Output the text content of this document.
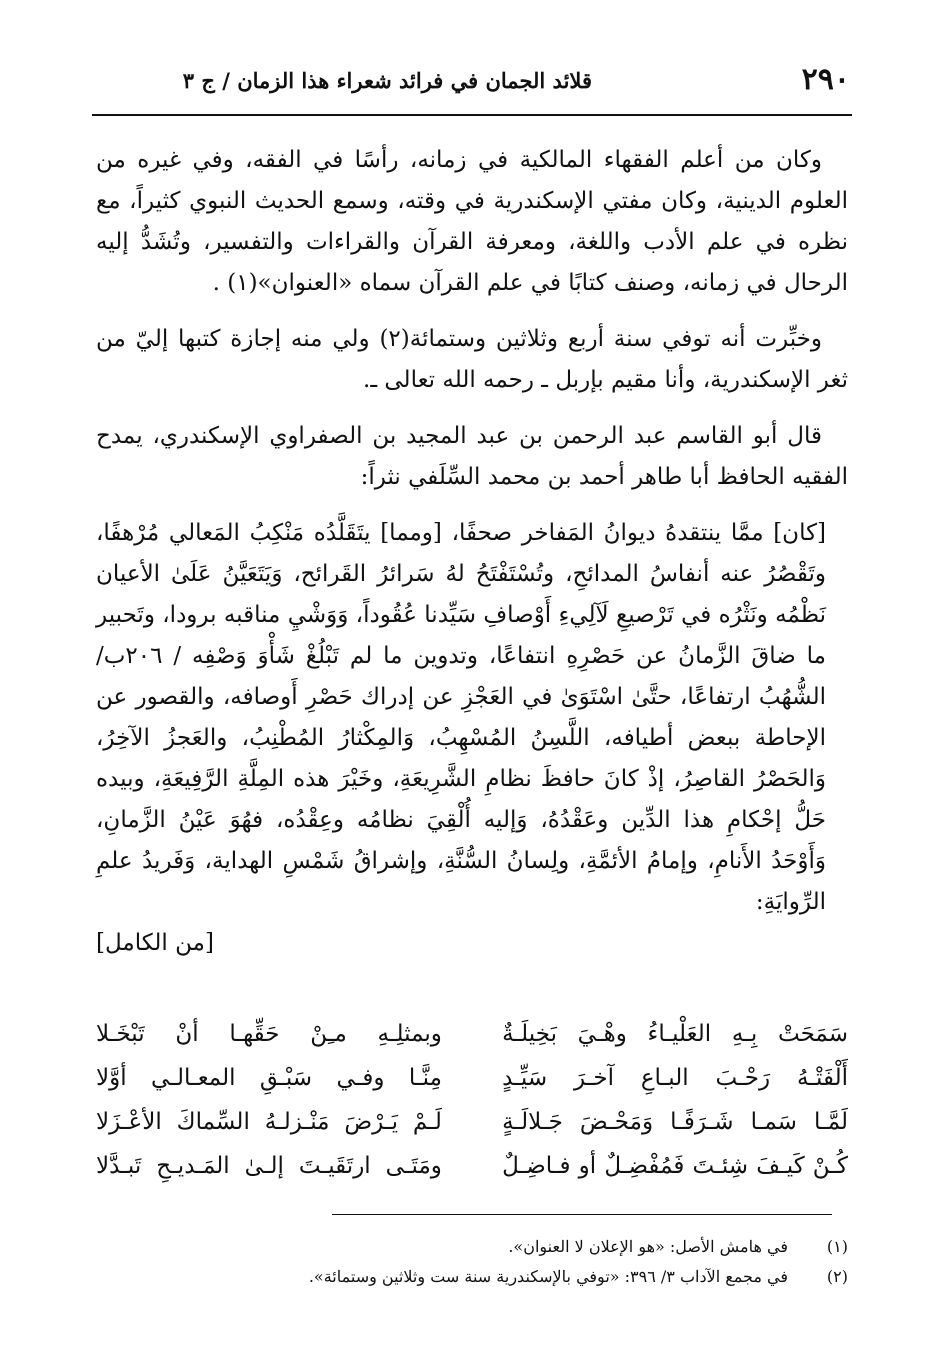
٢٩٠
قلائد الجمان في فرائد شعراء هذا الزمان / ج ٣

وكان من أعلم الفقهاء المالكية في زمانه، رأسًا في الفقه، وفي غيره من العلوم الدينية، وكان مفتي الإسكندرية في وقته، وسمع الحديث النبوي كثيراً، مع نظره في علم الأدب واللغة، ومعرفة القرآن والقراءات والتفسير، وتُشَدُّ إليه الرحال في زمانه، وصنف كتابًا في علم القرآن سماه «العنوان»(١) .

وخبِّرت أنه توفي سنة أربع وثلاثين وستمائة(٢) ولي منه إجازة كتبها إليّ من ثغر الإسكندرية، وأنا مقيم بإربل ـ رحمه الله تعالى ـ.

قال أبو القاسم عبد الرحمن بن عبد المجيد بن الصفراوي الإسكندري، يمدح الفقيه الحافظ أبا طاهر أحمد بن محمد السِّلَفي نثراً:

[كان] ممَّا ينتقدهُ ديوانُ المَفاخر صحفًا، [ومما] يتَقَلَّدُه مَنْكِبُ المَعالي مُرْهفًا، وتَقْصُرُ عنه أنفاسُ المدائحِ، وتُسْتَفْتَحُ لهُ سَرائرُ القَرائح، وَيَتَعَيَّنُ عَلَىٰ الأعيان نَظْمُه ونَثْرُه في تَرْصيعِ لَآلِيءِ أَوْصافِ سَيِّدنا عُقُوداً، وَوَشْيِ مناقبه برودا، وتَحبير ما ضاقَ الزَّمانُ عن حَصْرِهِ انتفاعًا، وتدوين ما لم تَبْلُغْ شَأْوَ وَصْفِه / ٢٠٦ب/ الشُّهُبُ ارتفاعًا، حتَّىٰ اسْتَوَىٰ في العَجْزِ عن إدراك حَصْرِ أَوصافه، والقصور عن الإحاطة ببعض أطيافه، اللَّسِنُ المُسْهِبُ، وَالمِكْثارُ المُطْنِبُ، والعَجزُ الآخِرُ، وَالحَصْرُ القاصِرُ، إذْ كانَ حافظَ نظامِ الشَّرِيعَةِ، وخَيْرَ هذه المِلَّةِ الرَّفِيعَةِ، وبيده حَلُّ إحْكامِ هذا الدِّين وعَقْدُهُ، وَإليه أُلْقِيَ نظامُه وعِقْدُه، فهُوَ عَيْنُ الزَّمانِ، وَأَوْحَدُ الأَنامِ، وإمامُ الأئمَّةِ، ولِسانُ السُّنَّةِ، وإشراقُ شَمْسِ الهداية، وَفَريدُ علمِ الرِّوايَةِ:
[من الكامل]

سَمَحَتْ بِـهِ العَلْيـاءُ وهْـيَ بَخِيلَـةٌ
وبمثلِـهِ مـِنْ حَقِّهـا أنْ تَبْخَـلا
أَلْفَتْـهُ رَحْـبَ البـاعِ آخـرَ سَيِّـدٍ
مِنَّـا وفـي سَبْـقِ المعـالـي أوَّلا
لَمَّـا سَمـا شَـرَفًـا وَمَحْـضَ جَـلالَـةٍ
لَـمْ يَـرْضَ مَنْـزلـهُ السِّماكَ الأعْـزَلا
كُـنْ كَيـفَ شِئـتَ فَمُفْضِـلٌ أو فـاضِـلٌ
ومَتَـى ارتَقَيـتَ إلـىٰ المَـديـحِ تَبـدَّلا
(١)
في هامش الأصل: «هو الإعلان لا العنوان».
(٢)
في مجمع الآداب ٣/ ٣٩٦: «توفي بالإسكندرية سنة ست وثلاثين وستمائة».
